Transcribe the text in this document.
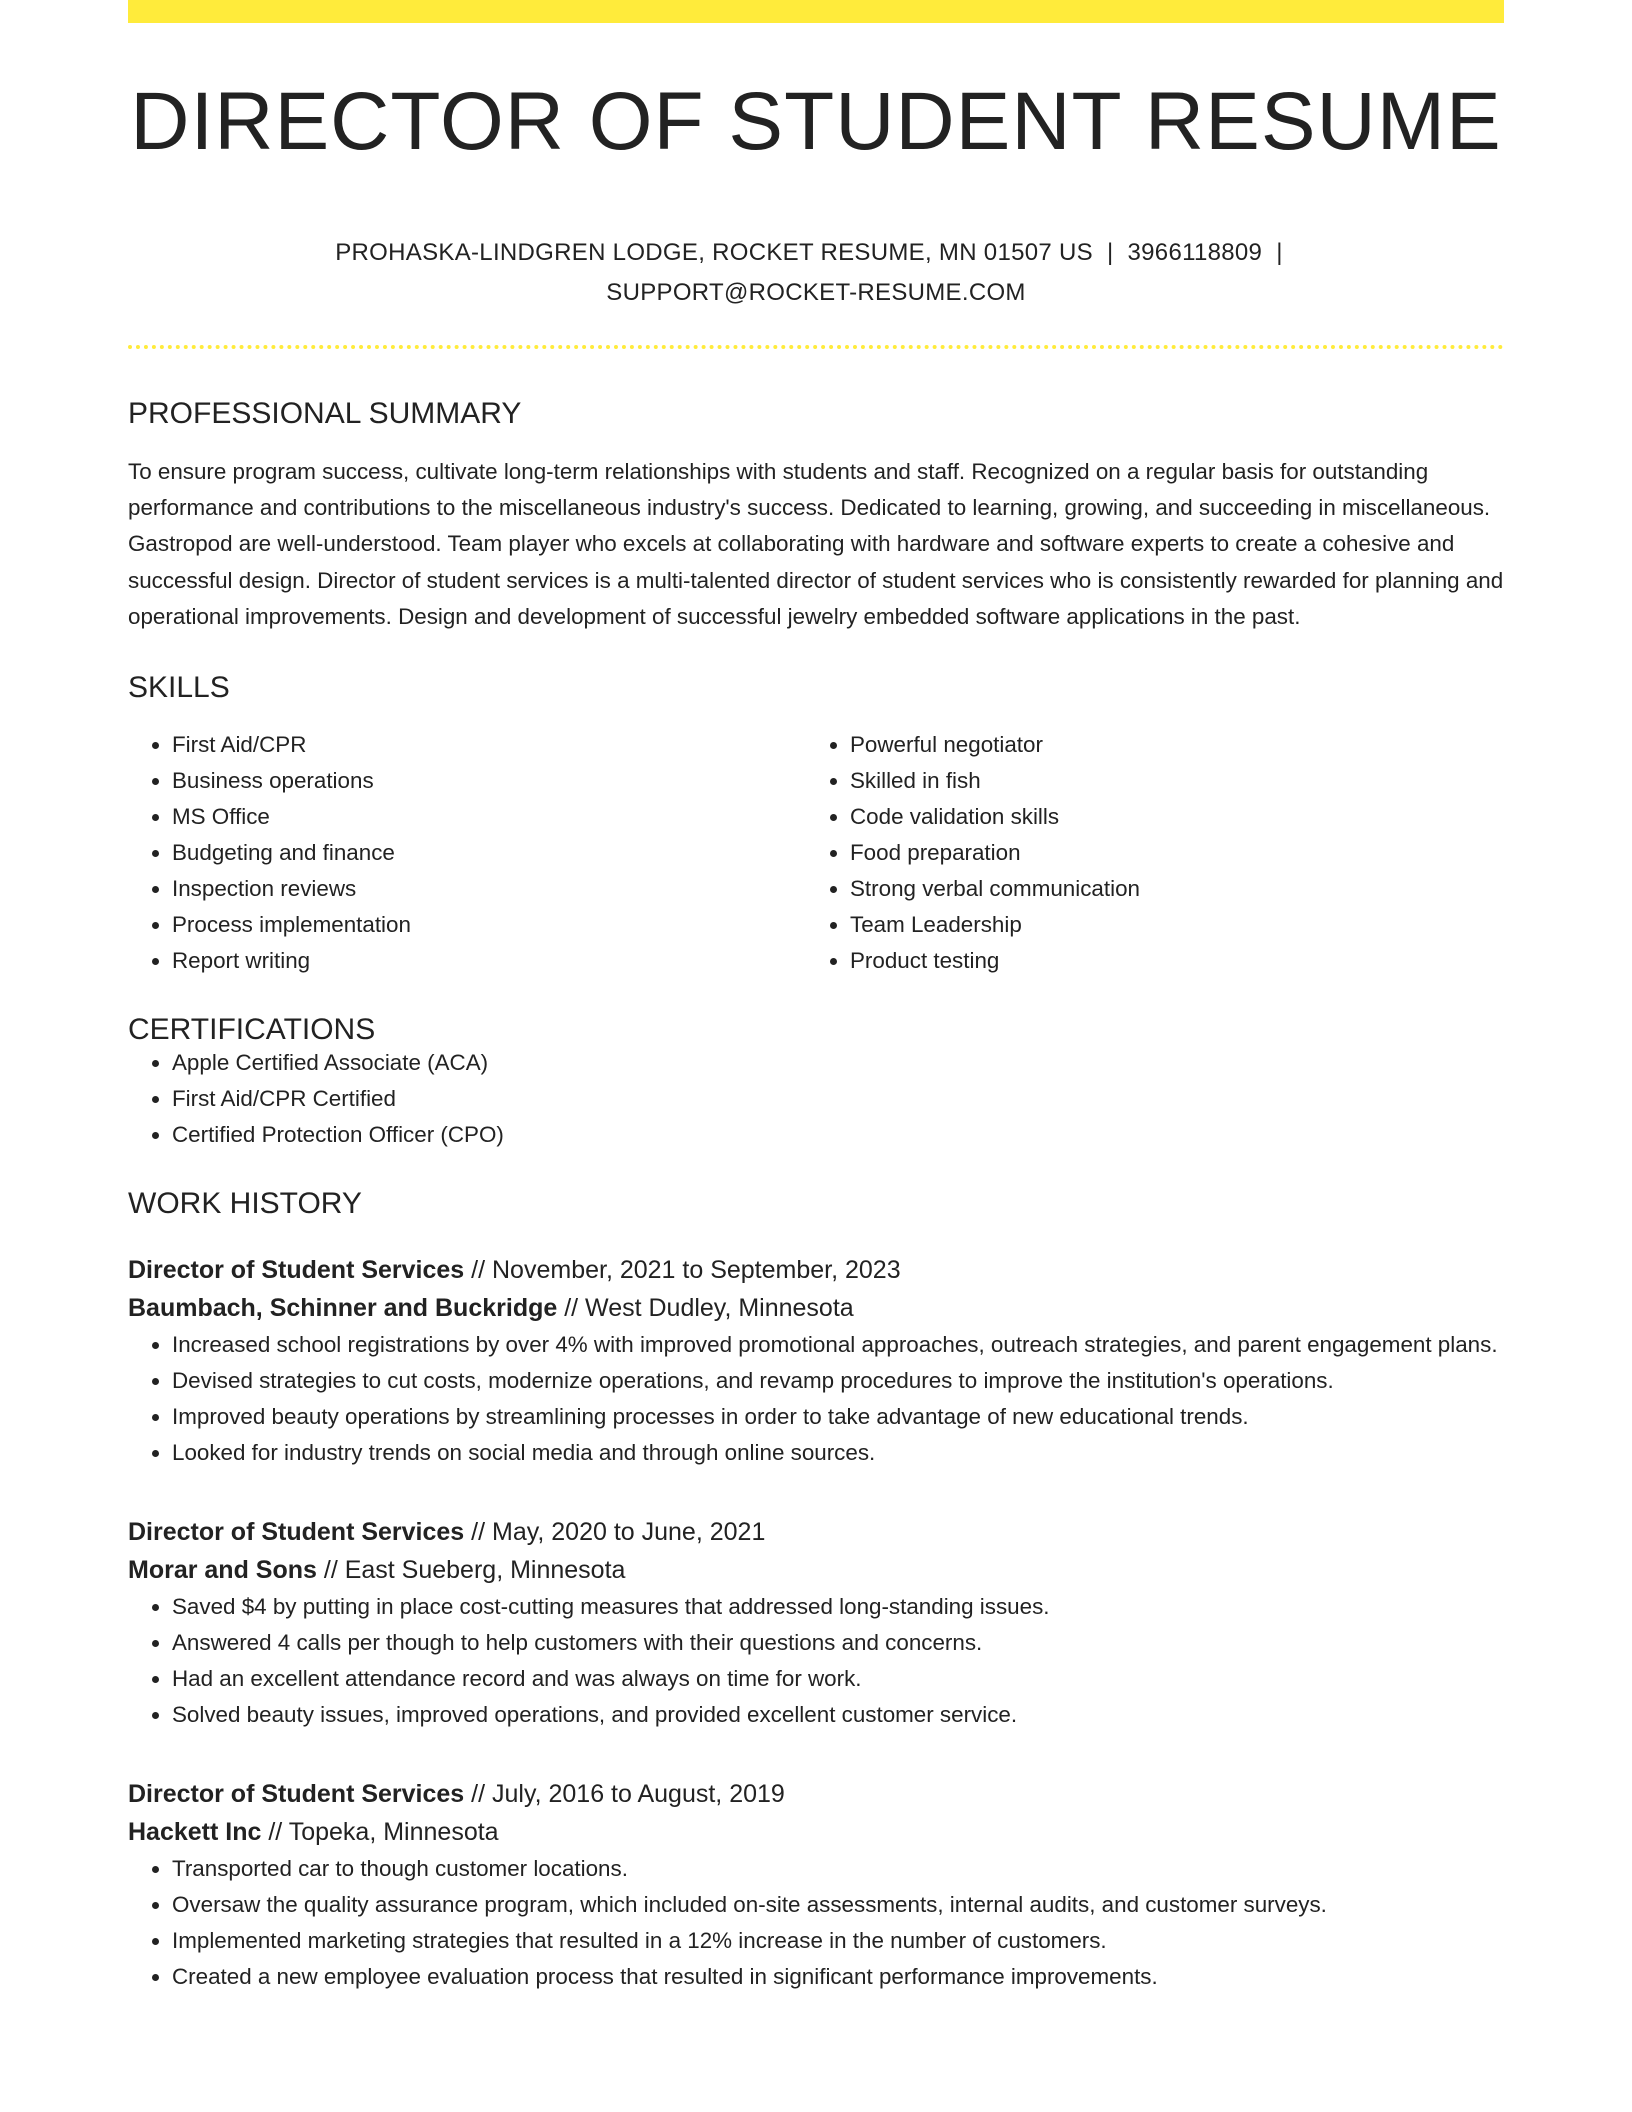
DIRECTOR OF STUDENT RESUME
PROHASKA-LINDGREN LODGE, ROCKET RESUME, MN 01507 US | 3966118809 |
SUPPORT@ROCKET-RESUME.COM
PROFESSIONAL SUMMARY

To ensure program success, cultivate long-term relationships with students and staff. Recognized on a regular basis for outstanding performance and contributions to the miscellaneous industry's success. Dedicated to learning, growing, and succeeding in miscellaneous. Gastropod are well-understood. Team player who excels at collaborating with hardware and software experts to create a cohesive and successful design. Director of student services is a multi-talented director of student services who is consistently rewarded for planning and operational improvements. Design and development of successful jewelry embedded software applications in the past.

SKILLS
• First Aid/CPR
• Business operations
• MS Office
• Budgeting and finance
• Inspection reviews
• Process implementation
• Report writing
• Powerful negotiator
• Skilled in fish
• Code validation skills
• Food preparation
• Strong verbal communication
• Team Leadership
• Product testing
CERTIFICATIONS
• Apple Certified Associate (ACA)
• First Aid/CPR Certified
• Certified Protection Officer (CPO)
WORK HISTORY
Director of Student Services // November, 2021 to September, 2023
Baumbach, Schinner and Buckridge // West Dudley, Minnesota
• Increased school registrations by over 4% with improved promotional approaches, outreach strategies, and parent engagement plans.
• Devised strategies to cut costs, modernize operations, and revamp procedures to improve the institution's operations.
• Improved beauty operations by streamlining processes in order to take advantage of new educational trends.
• Looked for industry trends on social media and through online sources.
Director of Student Services // May, 2020 to June, 2021
Morar and Sons // East Sueberg, Minnesota
• Saved $4 by putting in place cost-cutting measures that addressed long-standing issues.
• Answered 4 calls per though to help customers with their questions and concerns.
• Had an excellent attendance record and was always on time for work.
• Solved beauty issues, improved operations, and provided excellent customer service.
Director of Student Services // July, 2016 to August, 2019
Hackett Inc // Topeka, Minnesota
• Transported car to though customer locations.
• Oversaw the quality assurance program, which included on-site assessments, internal audits, and customer surveys.
• Implemented marketing strategies that resulted in a 12% increase in the number of customers.
• Created a new employee evaluation process that resulted in significant performance improvements.
